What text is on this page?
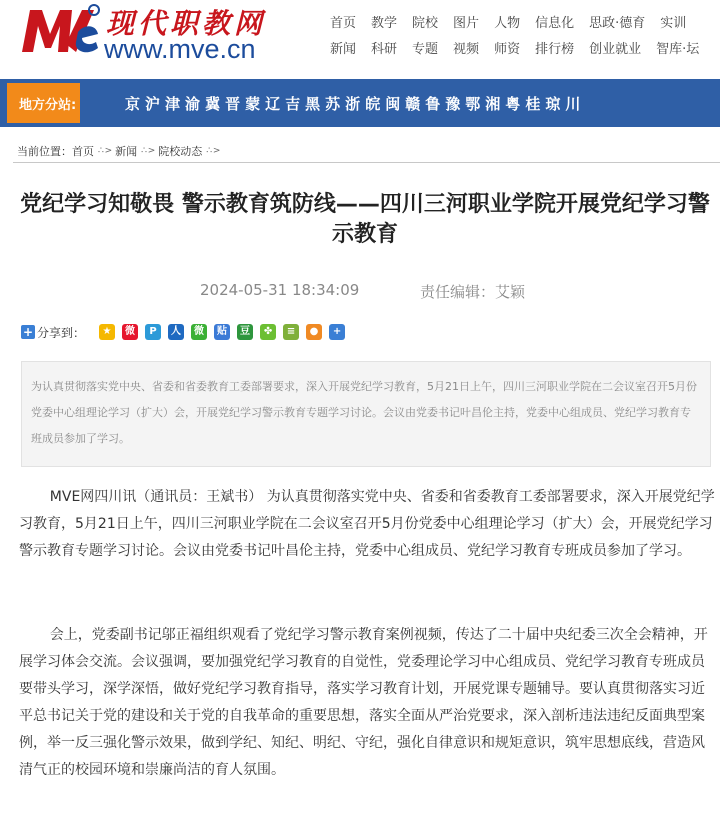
现代职教网
www.mve.cn
首页 教学 院校 图片 人物 信息化 思政·德育 实训
新闻 科研 专题 视频 师资 排行榜 创业就业 智库·坛
地方分站:	京 沪 津 渝 冀 晋 蒙 辽 吉 黑 苏 浙 皖 闽 赣 鲁 豫 鄂 湘 粤 桂 琼 川
当前位置： 首页 ∴ > 新闻 ∴ > 院校动态 ∴ >
党纪学习知敬畏 警示教育筑防线——四川三河职业学院开展党纪学习警示教育
2024-05-31 18:34:09	责任编辑：艾颖
+ 分享到：	★	微	P	人	微	贴	豆	✤	≡	●	+
为认真贯彻落实党中央、省委和省委教育工委部署要求，深入开展党纪学习教育，5月21日上午，四川三河职业学院在二会议室召开5月份党委中心组理论学习（扩大）会，开展党纪学习警示教育专题学习讨论。会议由党委书记叶昌伦主持，党委中心组成员、党纪学习教育专班成员参加了学习。

MVE网四川讯（通讯员：王斌书） 为认真贯彻落实党中央、省委和省委教育工委部署要求，深入开展党纪学习教育，5月21日上午，四川三河职业学院在二会议室召开5月份党委中心组理论学习（扩大）会，开展党纪学习警示教育专题学习讨论。会议由党委书记叶昌伦主持，党委中心组成员、党纪学习教育专班成员参加了学习。

会上，党委副书记邬正福组织观看了党纪学习警示教育案例视频，传达了二十届中央纪委三次全会精神，开展学习体会交流。会议强调，要加强党纪学习教育的自觉性，党委理论学习中心组成员、党纪学习教育专班成员要带头学习，深学深悟，做好党纪学习教育指导，落实学习教育计划，开展党课专题辅导。要认真贯彻落实习近平总书记关于党的建设和关于党的自我革命的重要思想，落实全面从严治党要求，深入剖析违法违纪反面典型案例，举一反三强化警示效果，做到学纪、知纪、明纪、守纪，强化自律意识和规矩意识，筑牢思想底线，营造风清气正的校园环境和崇廉尚洁的育人氛围。
